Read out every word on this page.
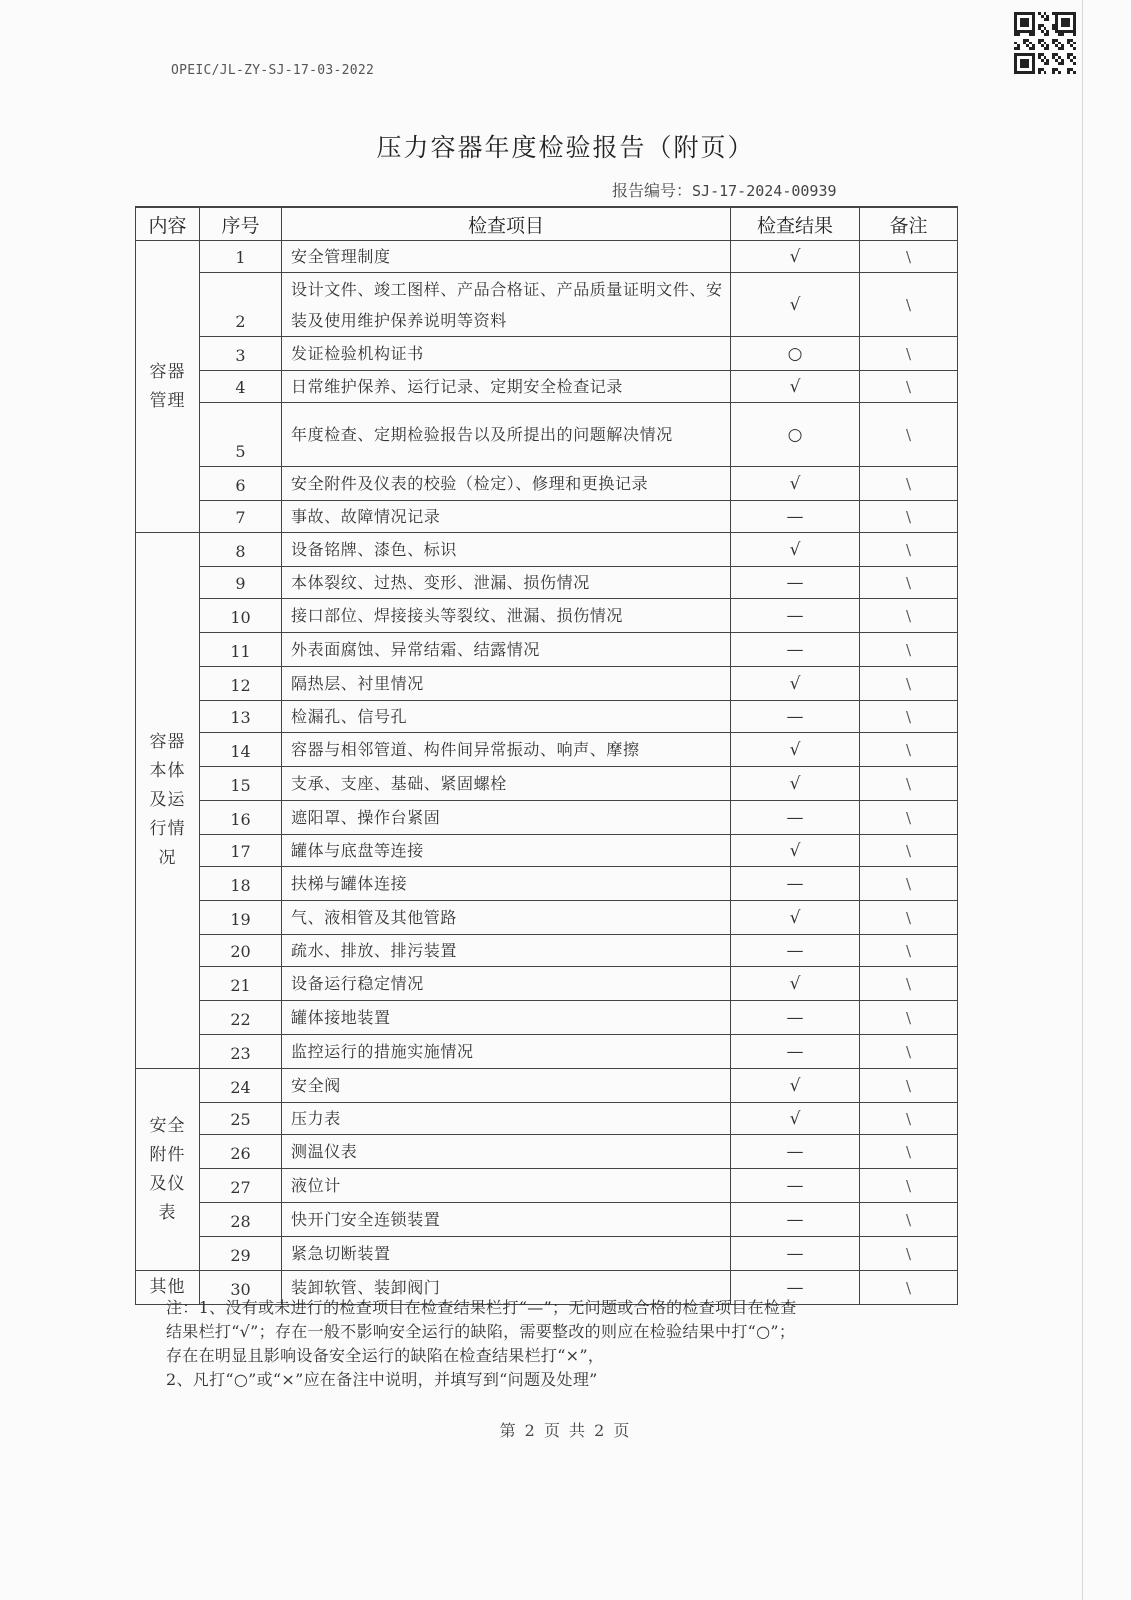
OPEIC/JL-ZY-SJ-17-03-2022
压力容器年度检验报告（附页）
报告编号：SJ-17-2024-00939
内容	序号	检查项目	检查结果	备注

容器
管理	1	安全管理制度	√	\
	2	设计文件、竣工图样、产品合格证、产品质量证明文件、安装及使用维护保养说明等资料	√	\
	3	发证检验机构证书	○	\
	4	日常维护保养、运行记录、定期安全检查记录	√	\
	5	年度检查、定期检验报告以及所提出的问题解决情况	○	\
	6	安全附件及仪表的校验（检定）、修理和更换记录	√	\
	7	事故、故障情况记录	—	\

容器
本体
及运
行情
况	8	设备铭牌、漆色、标识	√	\
	9	本体裂纹、过热、变形、泄漏、损伤情况	—	\
	10	接口部位、焊接接头等裂纹、泄漏、损伤情况	—	\
	11	外表面腐蚀、异常结霜、结露情况	—	\
	12	隔热层、衬里情况	√	\
	13	检漏孔、信号孔	—	\
	14	容器与相邻管道、构件间异常振动、响声、摩擦	√	\
	15	支承、支座、基础、紧固螺栓	√	\
	16	遮阳罩、操作台紧固	—	\
	17	罐体与底盘等连接	√	\
	18	扶梯与罐体连接	—	\
	19	气、液相管及其他管路	√	\
	20	疏水、排放、排污装置	—	\
	21	设备运行稳定情况	√	\
	22	罐体接地装置	—	\
	23	监控运行的措施实施情况	—	\

安全
附件
及仪
表	24	安全阀	√	\
	25	压力表	√	\
	26	测温仪表	—	\
	27	液位计	—	\
	28	快开门安全连锁装置	—	\
	29	紧急切断装置	—	\

其他	30	装卸软管、装卸阀门	—	\

注：1、没有或未进行的检查项目在检查结果栏打“—”；无问题或合格的检查项目在检查

结果栏打“√”；存在一般不影响安全运行的缺陷，需要整改的则应在检验结果中打“○”；

存在在明显且影响设备安全运行的缺陷在检查结果栏打“×”，

2、凡打“○”或“×”应在备注中说明，并填写到“问题及处理”

第 2 页 共 2 页
